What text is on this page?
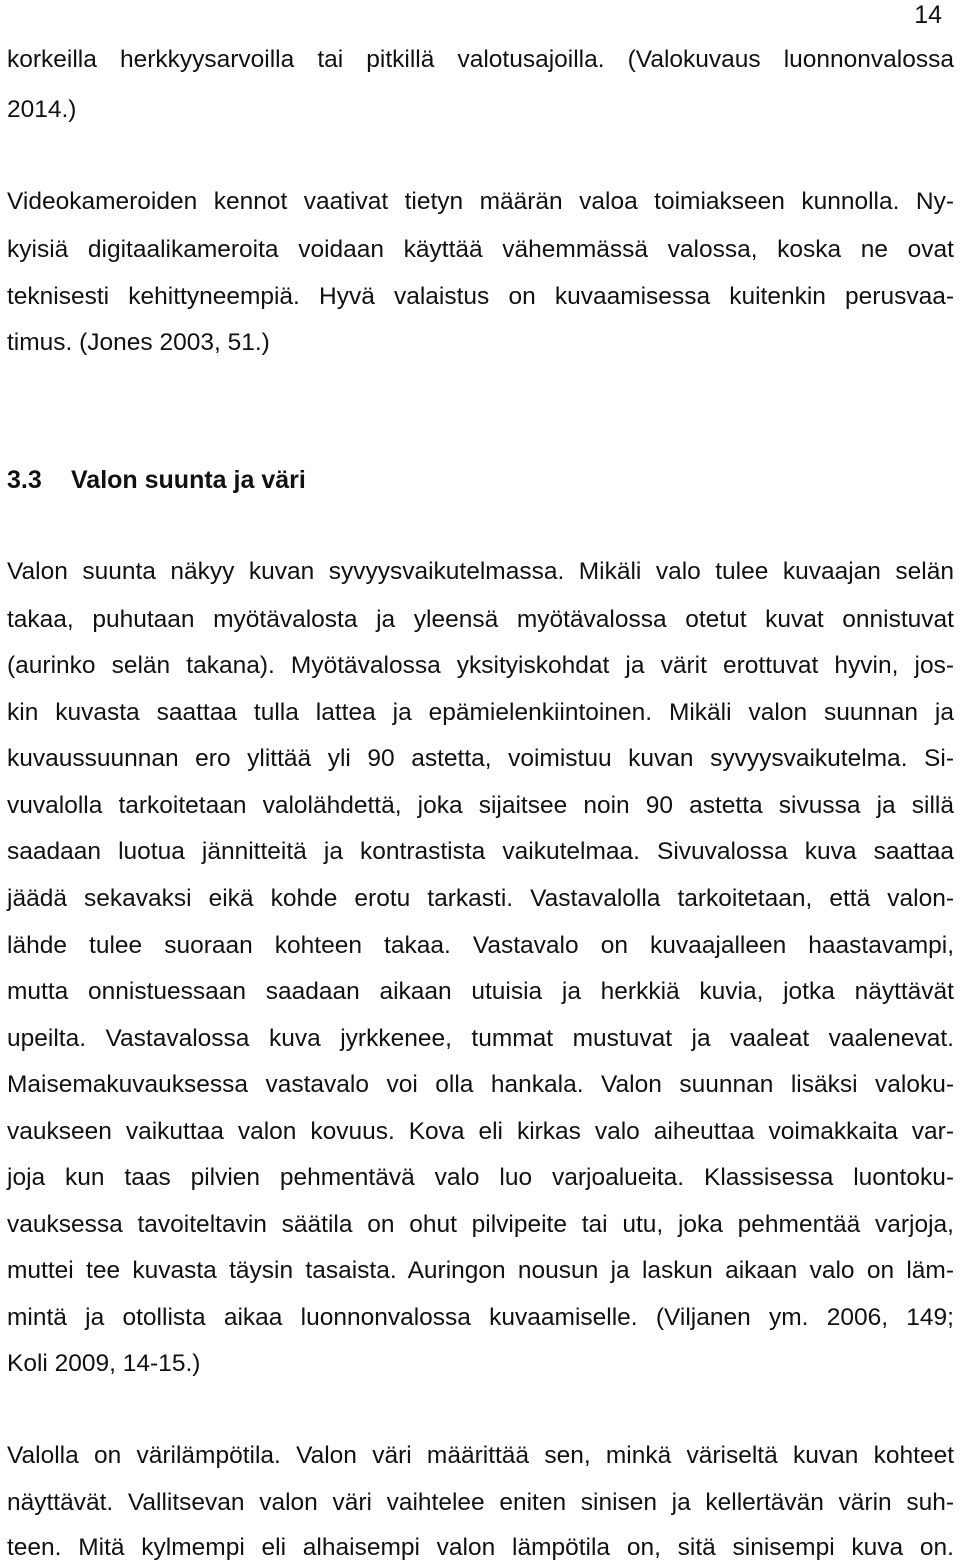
14
korkeilla herkkyysarvoilla tai pitkillä valotusajoilla. (Valokuvaus luonnonvalossa
2014.)
Videokameroiden kennot vaativat tietyn määrän valoa toimiakseen kunnolla. Ny-
kyisiä digitaalikameroita voidaan käyttää vähemmässä valossa, koska ne ovat
teknisesti kehittyneempiä. Hyvä valaistus on kuvaamisessa kuitenkin perusvaa-
timus. (Jones 2003, 51.)
3.3 Valon suunta ja väri
Valon suunta näkyy kuvan syvyysvaikutelmassa. Mikäli valo tulee kuvaajan selän
takaa, puhutaan myötävalosta ja yleensä myötävalossa otetut kuvat onnistuvat
(aurinko selän takana). Myötävalossa yksityiskohdat ja värit erottuvat hyvin, jos-
kin kuvasta saattaa tulla lattea ja epämielenkiintoinen. Mikäli valon suunnan ja
kuvaussuunnan ero ylittää yli 90 astetta, voimistuu kuvan syvyysvaikutelma. Si-
vuvalolla tarkoitetaan valolähdettä, joka sijaitsee noin 90 astetta sivussa ja sillä
saadaan luotua jännitteitä ja kontrastista vaikutelmaa. Sivuvalossa kuva saattaa
jäädä sekavaksi eikä kohde erotu tarkasti. Vastavalolla tarkoitetaan, että valon-
lähde tulee suoraan kohteen takaa. Vastavalo on kuvaajalleen haastavampi,
mutta onnistuessaan saadaan aikaan utuisia ja herkkiä kuvia, jotka näyttävät
upeilta. Vastavalossa kuva jyrkkenee, tummat mustuvat ja vaaleat vaalenevat.
Maisemakuvauksessa vastavalo voi olla hankala. Valon suunnan lisäksi valoku-
vaukseen vaikuttaa valon kovuus. Kova eli kirkas valo aiheuttaa voimakkaita var-
joja kun taas pilvien pehmentävä valo luo varjoalueita. Klassisessa luontoku-
vauksessa tavoiteltavin säätila on ohut pilvipeite tai utu, joka pehmentää varjoja,
muttei tee kuvasta täysin tasaista. Auringon nousun ja laskun aikaan valo on läm-
mintä ja otollista aikaa luonnonvalossa kuvaamiselle. (Viljanen ym. 2006, 149;
Koli 2009, 14-15.)
Valolla on värilämpötila. Valon väri määrittää sen, minkä väriseltä kuvan kohteet
näyttävät. Vallitsevan valon väri vaihtelee eniten sinisen ja kellertävän värin suh-
teen. Mitä kylmempi eli alhaisempi valon lämpötila on, sitä sinisempi kuva on.
